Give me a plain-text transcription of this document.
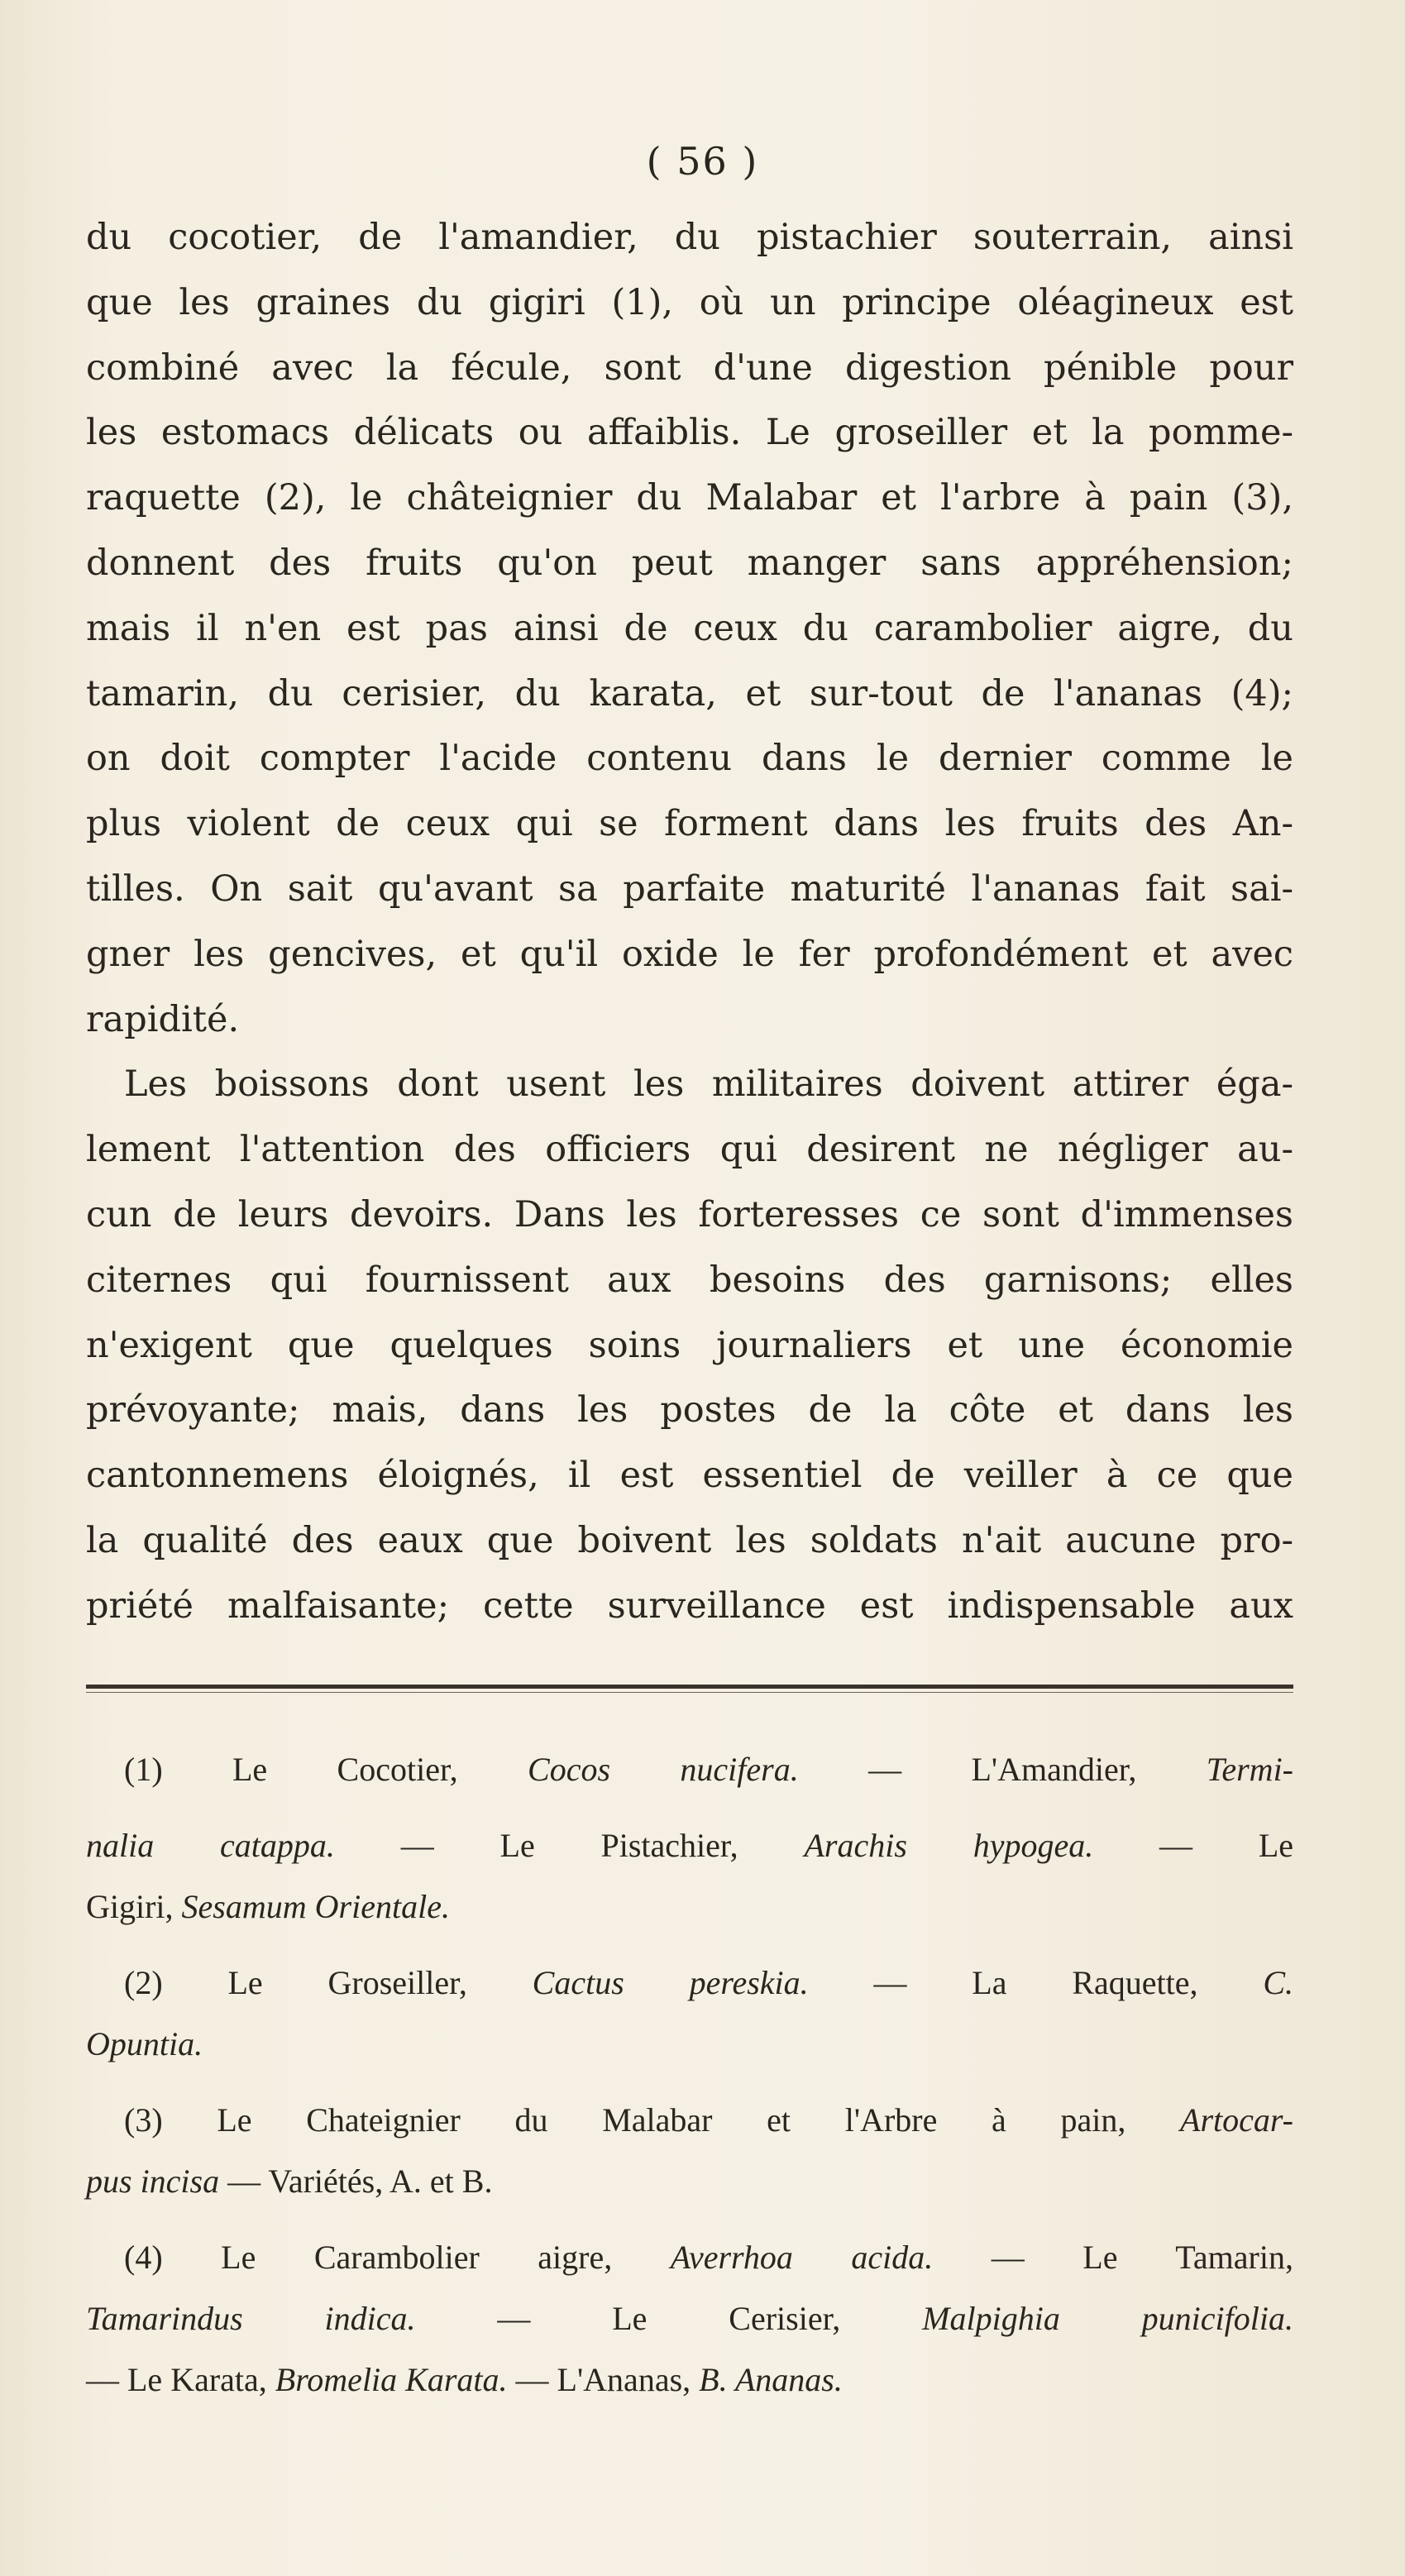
( 56 )

du cocotier, de l'amandier, du pistachier souterrain, ainsi

que les graines du gigiri (1), où un principe oléagineux est

combiné avec la fécule, sont d'une digestion pénible pour

les estomacs délicats ou affaiblis. Le groseiller et la pomme-

raquette (2), le châteignier du Malabar et l'arbre à pain (3),

donnent des fruits qu'on peut manger sans appréhension;

mais il n'en est pas ainsi de ceux du carambolier aigre, du

tamarin, du cerisier, du karata, et sur-tout de l'ananas (4);

on doit compter l'acide contenu dans le dernier comme le

plus violent de ceux qui se forment dans les fruits des An-

tilles. On sait qu'avant sa parfaite maturité l'ananas fait sai-

gner les gencives, et qu'il oxide le fer profondément et avec

rapidité.

Les boissons dont usent les militaires doivent attirer éga-

lement l'attention des officiers qui desirent ne négliger au-

cun de leurs devoirs. Dans les forteresses ce sont d'immenses

citernes qui fournissent aux besoins des garnisons; elles

n'exigent que quelques soins journaliers et une économie

prévoyante; mais, dans les postes de la côte et dans les

cantonnemens éloignés, il est essentiel de veiller à ce que

la qualité des eaux que boivent les soldats n'ait aucune pro-

priété malfaisante; cette surveillance est indispensable aux

(1) Le Cocotier, Cocos nucifera. — L'Amandier, Termi-

nalia catappa. — Le Pistachier, Arachis hypogea. — Le

Gigiri, Sesamum Orientale.

(2) Le Groseiller, Cactus pereskia. — La Raquette, C.

Opuntia.

(3) Le Chateignier du Malabar et l'Arbre à pain, Artocar-

pus incisa — Variétés, A. et B.

(4) Le Carambolier aigre, Averrhoa acida. — Le Tamarin,

Tamarindus indica. — Le Cerisier, Malpighia punicifolia.

— Le Karata, Bromelia Karata. — L'Ananas, B. Ananas.
